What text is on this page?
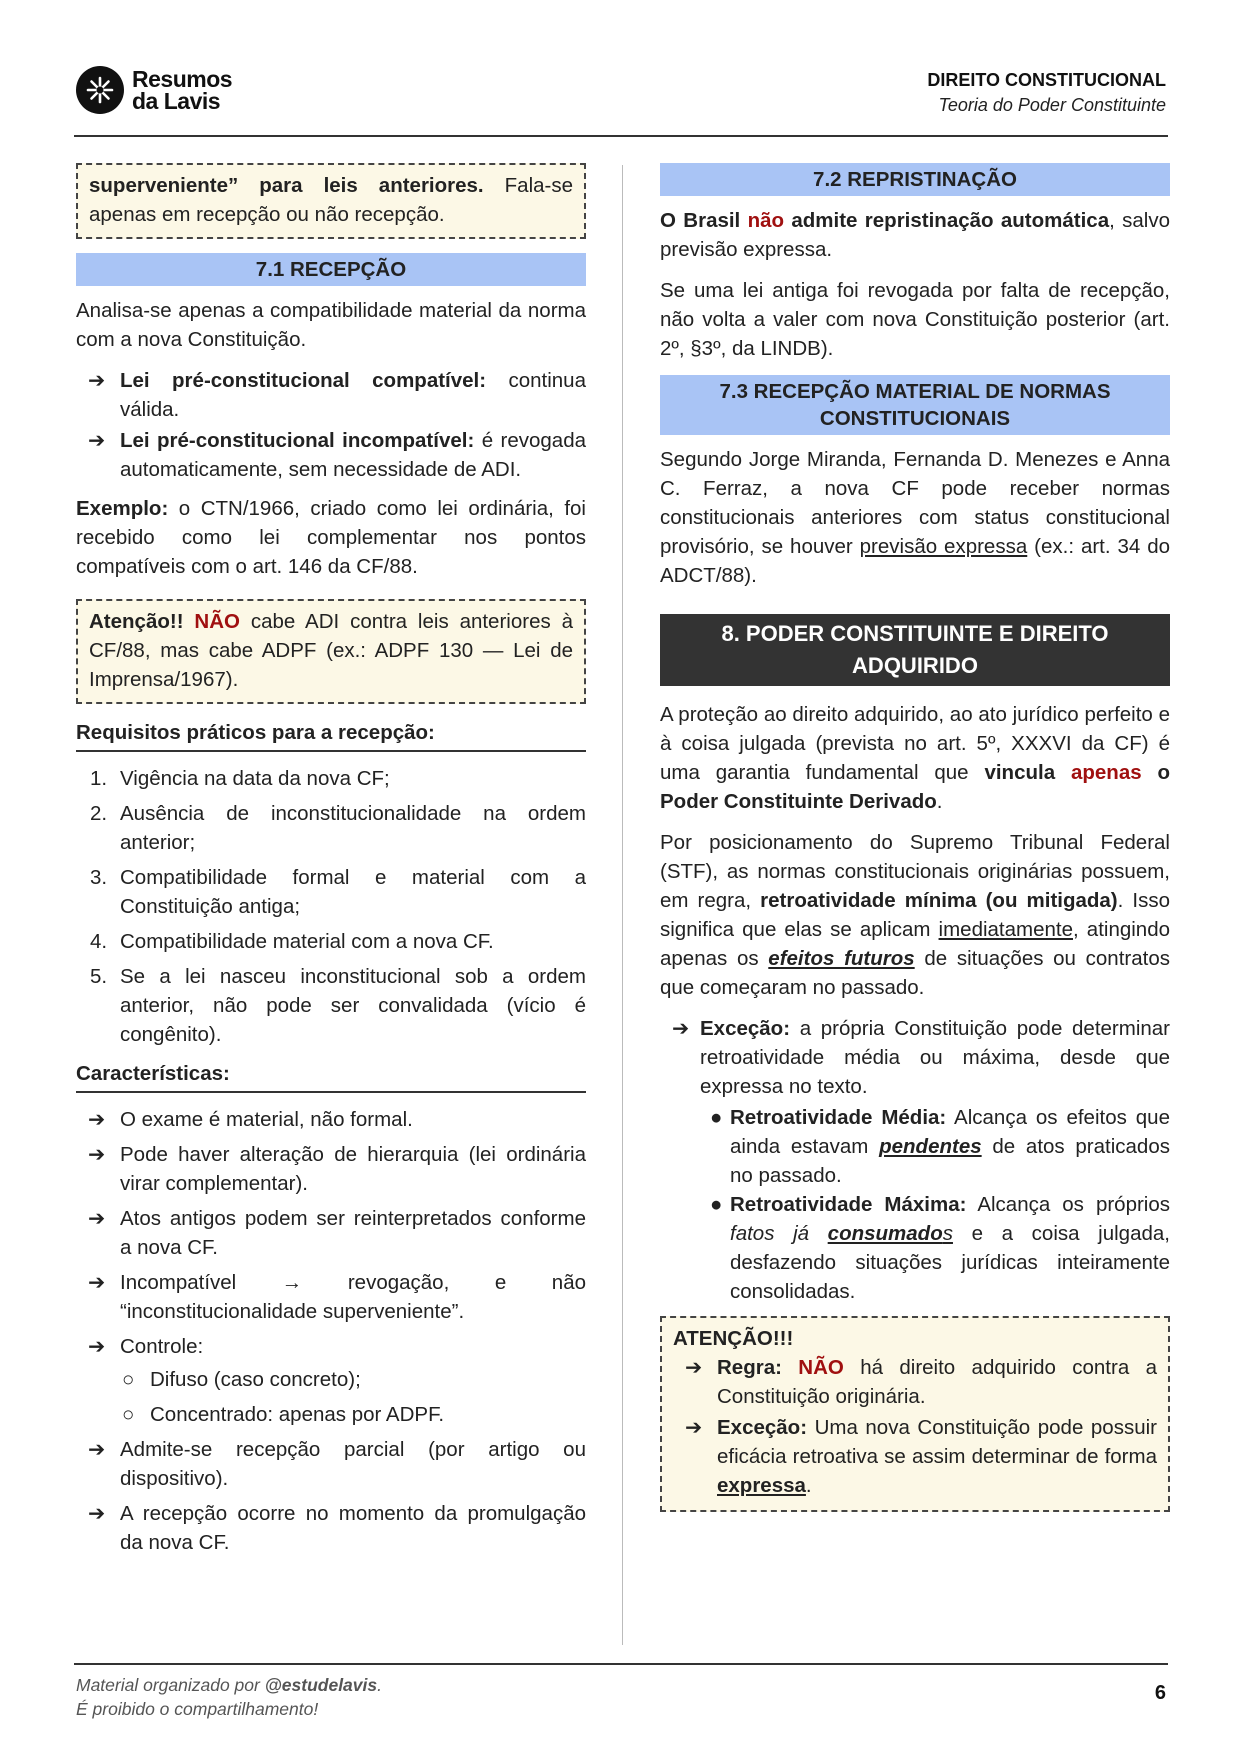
Resumos
da Lavis
DIREITO CONSTITUCIONAL
Teoria do Poder Constituinte
superveniente” para leis anteriores. Fala-se apenas em recepção ou não recepção.
7.1 RECEPÇÃO

Analisa-se apenas a compatibilidade material da norma com a nova Constituição.

➔ Lei pré-constitucional compatível: continua válida.
➔ Lei pré-constitucional incompatível: é revogada automaticamente, sem necessidade de ADI.

Exemplo: o CTN/1966, criado como lei ordinária, foi recebido como lei complementar nos pontos compatíveis com o art. 146 da CF/88.

Atenção!! NÃO cabe ADI contra leis anteriores à CF/88, mas cabe ADPF (ex.: ADPF 130 — Lei de Imprensa/1967).
Requisitos práticos para a recepção:
1. Vigência na data da nova CF;
2. Ausência de inconstitucionalidade na ordem anterior;
3. Compatibilidade formal e material com a Constituição antiga;
4. Compatibilidade material com a nova CF.
5. Se a lei nasceu inconstitucional sob a ordem anterior, não pode ser convalidada (vício é congênito).
Características:
➔ O exame é material, não formal.
➔ Pode haver alteração de hierarquia (lei ordinária virar complementar).
➔ Atos antigos podem ser reinterpretados conforme a nova CF.
➔ Incompatível → revogação, e não “inconstitucionalidade superveniente”.
➔ Controle:
○ Difuso (caso concreto);
○ Concentrado: apenas por ADPF.
➔ Admite-se recepção parcial (por artigo ou dispositivo).
➔ A recepção ocorre no momento da promulgação da nova CF.
7.2 REPRISTINAÇÃO

O Brasil não admite repristinação automática, salvo previsão expressa.

Se uma lei antiga foi revogada por falta de recepção, não volta a valer com nova Constituição posterior (art. 2º, §3º, da LINDB).

7.3 RECEPÇÃO MATERIAL DE NORMAS CONSTITUCIONAIS

Segundo Jorge Miranda, Fernanda D. Menezes e Anna C. Ferraz, a nova CF pode receber normas constitucionais anteriores com status constitucional provisório, se houver previsão expressa (ex.: art. 34 do ADCT/88).

8. PODER CONSTITUINTE E DIREITO ADQUIRIDO

A proteção ao direito adquirido, ao ato jurídico perfeito e à coisa julgada (prevista no art. 5º, XXXVI da CF) é uma garantia fundamental que vincula apenas o Poder Constituinte Derivado.

Por posicionamento do Supremo Tribunal Federal (STF), as normas constitucionais originárias possuem, em regra, retroatividade mínima (ou mitigada). Isso significa que elas se aplicam imediatamente, atingindo apenas os efeitos futuros de situações ou contratos que começaram no passado.

➔ Exceção: a própria Constituição pode determinar retroatividade média ou máxima, desde que expressa no texto.
● Retroatividade Média: Alcança os efeitos que ainda estavam pendentes de atos praticados no passado.
● Retroatividade Máxima: Alcança os próprios fatos já consumados e a coisa julgada, desfazendo situações jurídicas inteiramente consolidadas.
ATENÇÃO!!!
➔ Regra: NÃO há direito adquirido contra a Constituição originária.
➔ Exceção: Uma nova Constituição pode possuir eficácia retroativa se assim determinar de forma expressa.
Material organizado por @estudelavis.
É proibido o compartilhamento!
6
